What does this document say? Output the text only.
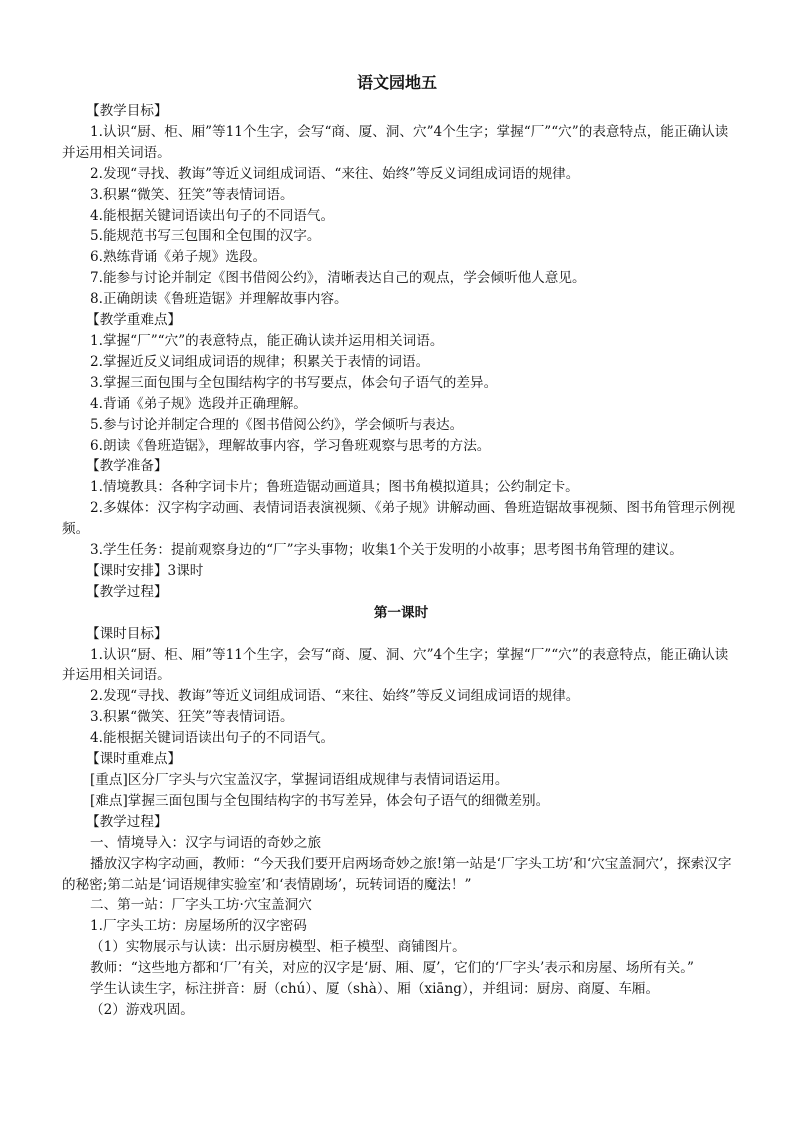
语文园地五

【教学目标】

1.认识“厨、柜、厢”等11个生字，会写“商、厦、洞、穴”4个生字；掌握“厂”“穴”的表意特点，能正确认读并运用相关词语。

2.发现“寻找、教诲”等近义词组成词语、“来往、始终”等反义词组成词语的规律。

3.积累“微笑、狂笑”等表情词语。

4.能根据关键词语读出句子的不同语气。

5.能规范书写三包围和全包围的汉字。

6.熟练背诵《弟子规》选段。

7.能参与讨论并制定《图书借阅公约》，清晰表达自己的观点，学会倾听他人意见。

8.正确朗读《鲁班造锯》并理解故事内容。

【教学重难点】

1.掌握“厂”“穴”的表意特点，能正确认读并运用相关词语。

2.掌握近反义词组成词语的规律；积累关于表情的词语。

3.掌握三面包围与全包围结构字的书写要点，体会句子语气的差异。

4.背诵《弟子规》选段并正确理解。

5.参与讨论并制定合理的《图书借阅公约》，学会倾听与表达。

6.朗读《鲁班造锯》，理解故事内容，学习鲁班观察与思考的方法。

【教学准备】

1.情境教具：各种字词卡片；鲁班造锯动画道具；图书角模拟道具；公约制定卡。

2.多媒体：汉字构字动画、表情词语表演视频、《弟子规》讲解动画、鲁班造锯故事视频、图书角管理示例视频。

3.学生任务：提前观察身边的“厂”字头事物；收集1个关于发明的小故事；思考图书角管理的建议。

【课时安排】3课时

【教学过程】

第一课时

【课时目标】

1.认识“厨、柜、厢”等11个生字，会写“商、厦、洞、穴”4个生字；掌握“厂”“穴”的表意特点，能正确认读并运用相关词语。

2.发现“寻找、教诲”等近义词组成词语、“来往、始终”等反义词组成词语的规律。

3.积累“微笑、狂笑”等表情词语。

4.能根据关键词语读出句子的不同语气。

【课时重难点】

[重点]区分厂字头与穴宝盖汉字，掌握词语组成规律与表情词语运用。

[难点]掌握三面包围与全包围结构字的书写差异，体会句子语气的细微差别。

【教学过程】

一、情境导入：汉字与词语的奇妙之旅

播放汉字构字动画，教师：“今天我们要开启两场奇妙之旅!第一站是‘厂字头工坊’和‘穴宝盖洞穴’，探索汉字的秘密;第二站是‘词语规律实验室’和‘表情剧场’，玩转词语的魔法！”

二、第一站：厂字头工坊·穴宝盖洞穴

1.厂字头工坊：房屋场所的汉字密码

（1）实物展示与认读：出示厨房模型、柜子模型、商铺图片。

教师：“这些地方都和‘厂’有关，对应的汉字是‘厨、厢、厦’，它们的‘厂字头’表示和房屋、场所有关。”

学生认读生字，标注拼音：厨（chú）、厦（shà）、厢（xiāng），并组词：厨房、商厦、车厢。

（2）游戏巩固。
